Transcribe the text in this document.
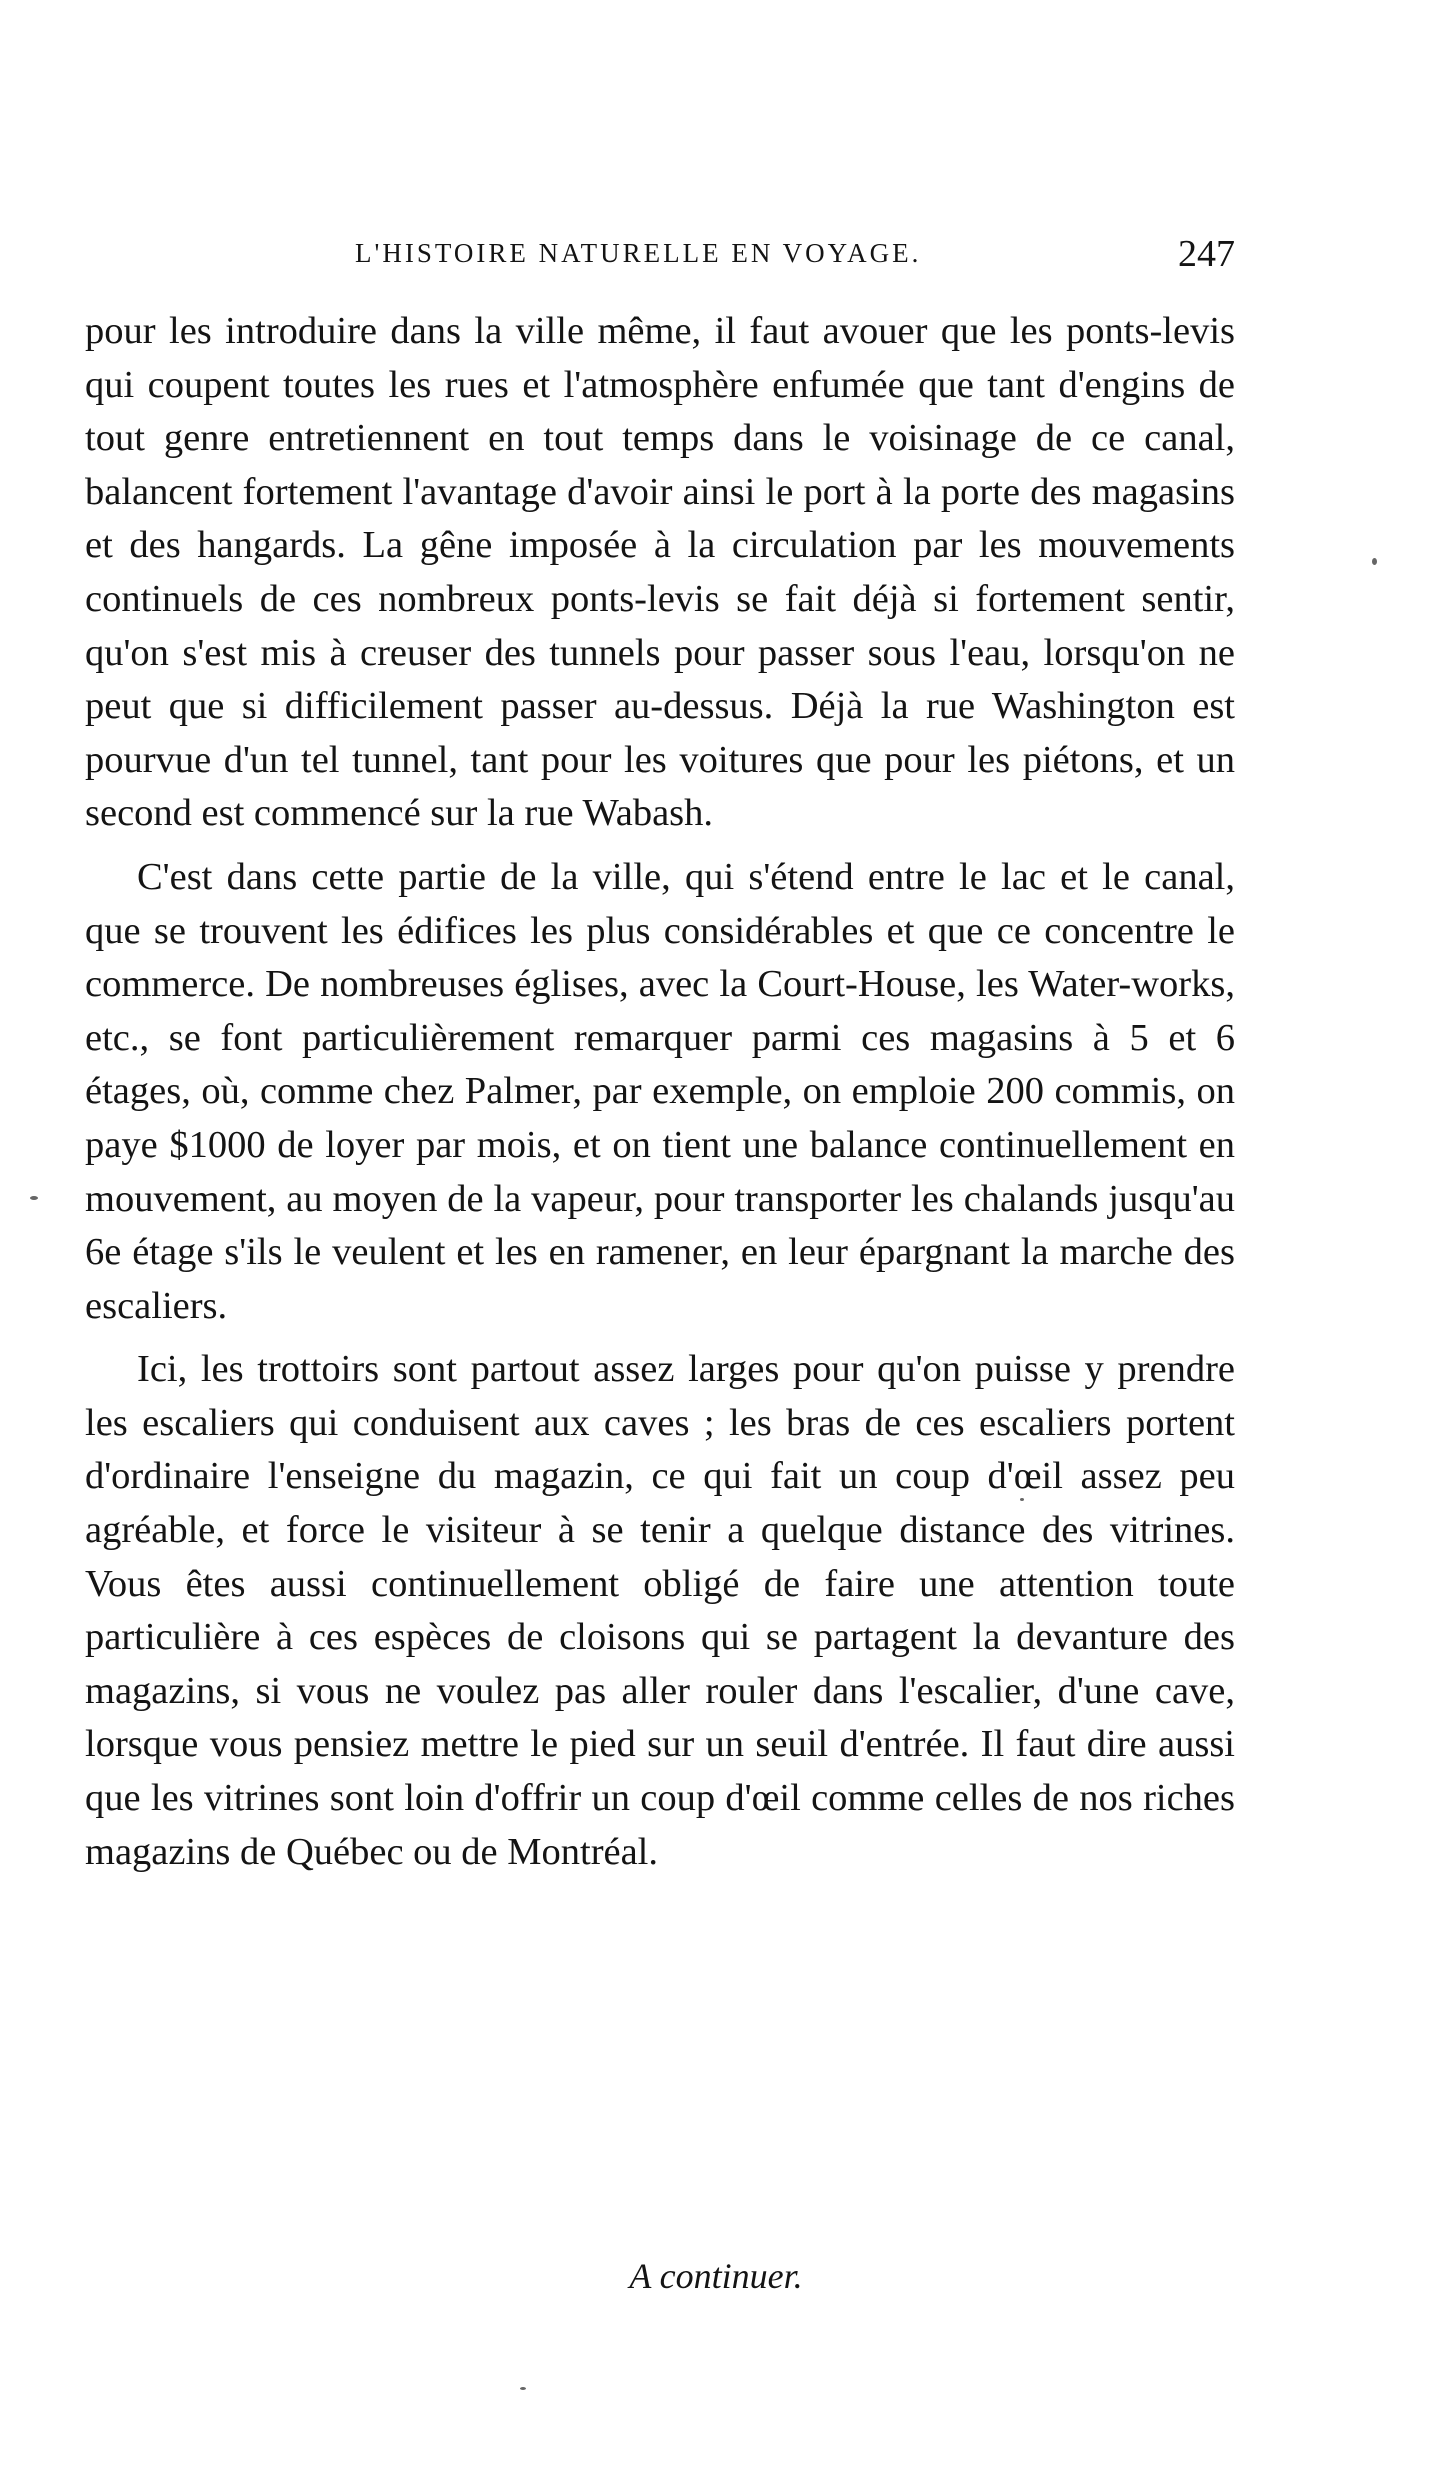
L'HISTOIRE NATURELLE EN VOYAGE.	247

pour les introduire dans la ville même, il faut avouer que les ponts-levis qui coupent toutes les rues et l'atmosphère enfumée que tant d'engins de tout genre entretiennent en tout temps dans le voisinage de ce canal, balancent fortement l'avantage d'avoir ainsi le port à la porte des magasins et des hangards. La gêne imposée à la circulation par les mouvements continuels de ces nombreux ponts-levis se fait déjà si fortement sentir, qu'on s'est mis à creuser des tunnels pour passer sous l'eau, lorsqu'on ne peut que si difficilement passer au-dessus. Déjà la rue Washington est pourvue d'un tel tunnel, tant pour les voitures que pour les piétons, et un second est commencé sur la rue Wabash.

C'est dans cette partie de la ville, qui s'étend entre le lac et le canal, que se trouvent les édifices les plus considérables et que ce concentre le commerce. De nombreuses églises, avec la Court-House, les Water-works, etc., se font particulièrement remarquer parmi ces magasins à 5 et 6 étages, où, comme chez Palmer, par exemple, on emploie 200 commis, on paye $1000 de loyer par mois, et on tient une balance continuellement en mouvement, au moyen de la vapeur, pour transporter les chalands jusqu'au 6e étage s'ils le veulent et les en ramener, en leur épargnant la marche des escaliers.

Ici, les trottoirs sont partout assez larges pour qu'on puisse y prendre les escaliers qui conduisent aux caves ; les bras de ces escaliers portent d'ordinaire l'enseigne du magazin, ce qui fait un coup d'œil assez peu agréable, et force le visiteur à se tenir a quelque distance des vitrines. Vous êtes aussi continuellement obligé de faire une attention toute particulière à ces espèces de cloisons qui se partagent la devanture des magazins, si vous ne voulez pas aller rouler dans l'escalier, d'une cave, lorsque vous pensiez mettre le pied sur un seuil d'entrée. Il faut dire aussi que les vitrines sont loin d'offrir un coup d'œil comme celles de nos riches magazins de Québec ou de Montréal.

A continuer.
